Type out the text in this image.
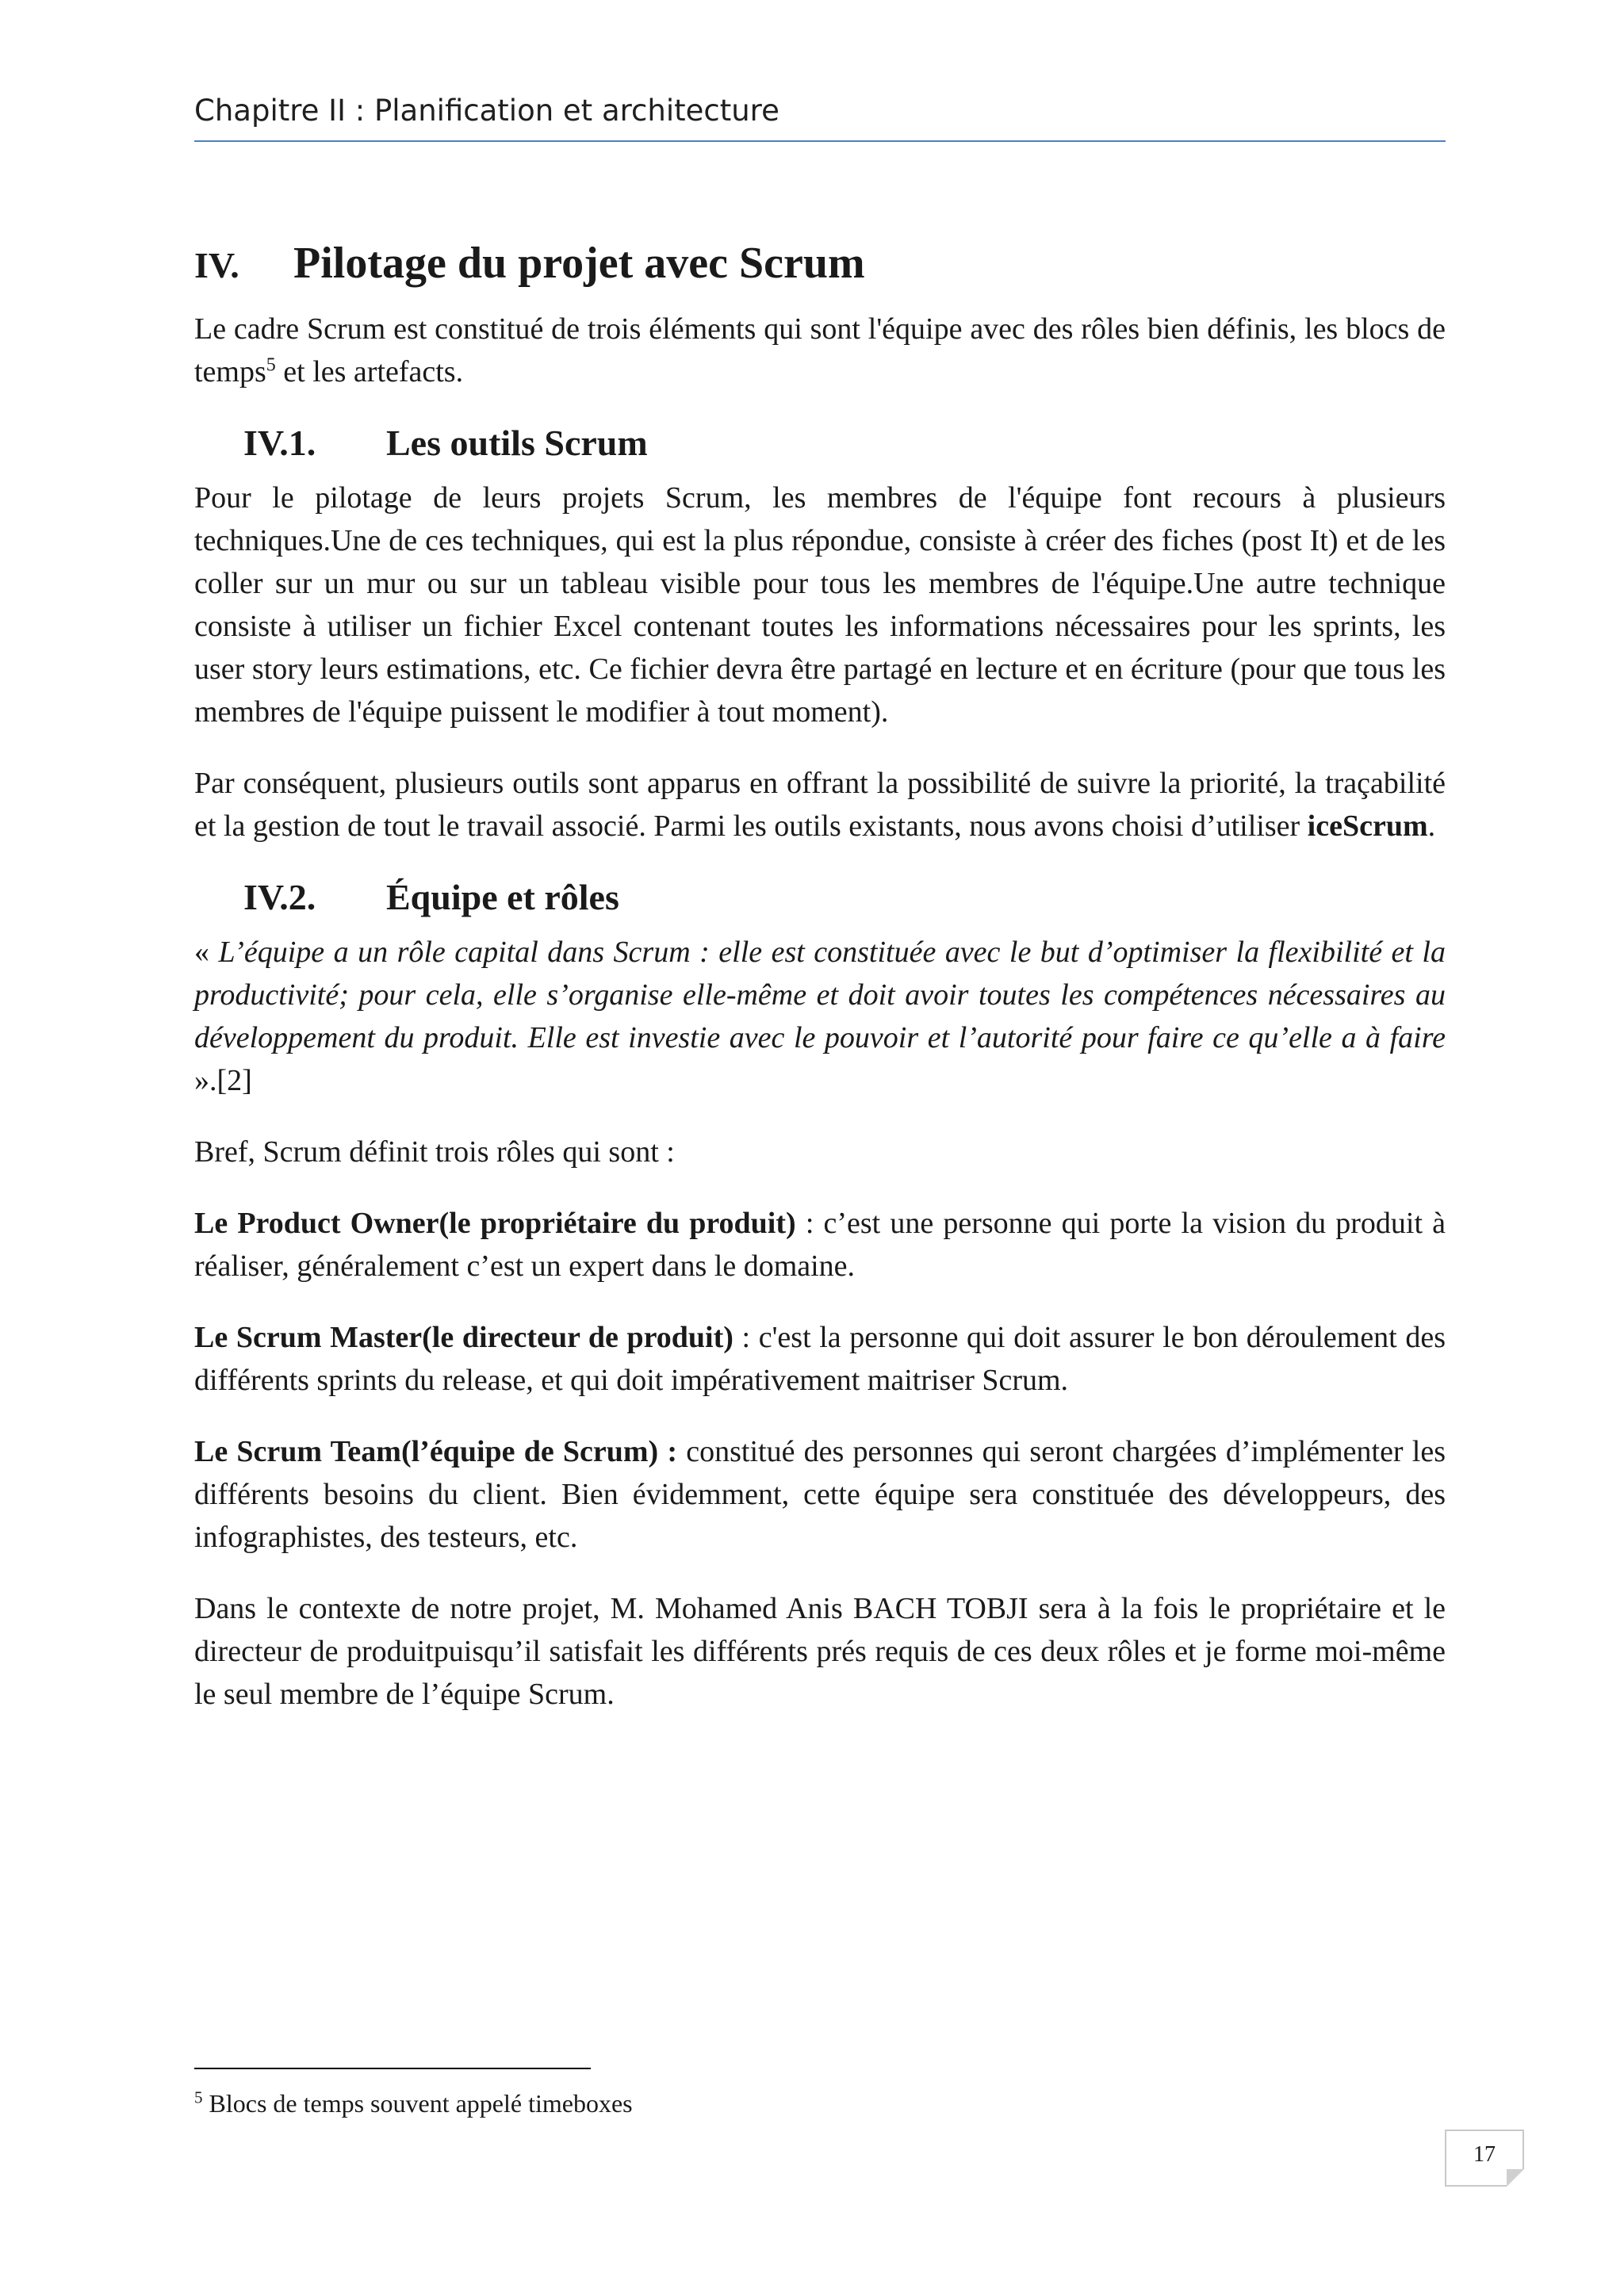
Chapitre II : Planification et architecture
IV.	Pilotage du projet avec Scrum

Le cadre Scrum est constitué de trois éléments qui sont l'équipe avec des rôles bien définis, les blocs de temps$^5$ et les artefacts.

IV.1.	Les outils Scrum

Pour le pilotage de leurs projets Scrum, les membres de l'équipe font recours à plusieurs techniques.Une de ces techniques, qui est la plus répondue, consiste à créer des fiches (post It) et de les coller sur un mur ou sur un tableau visible pour tous les membres de l'équipe.Une autre technique consiste à utiliser un fichier Excel contenant toutes les informations nécessaires pour les sprints, les user story leurs estimations, etc. Ce fichier devra être partagé en lecture et en écriture (pour que tous les membres de l'équipe puissent le modifier à tout moment).

Par conséquent, plusieurs outils sont apparus en offrant la possibilité de suivre la priorité, la traçabilité et la gestion de tout le travail associé. Parmi les outils existants, nous avons choisi d’utiliser iceScrum.

IV.2.	Équipe et rôles

« L’équipe a un rôle capital dans Scrum : elle est constituée avec le but d’optimiser la flexibilité et la productivité; pour cela, elle s’organise elle-même et doit avoir toutes les compétences nécessaires au développement du produit. Elle est investie avec le pouvoir et l’autorité pour faire ce qu’elle a à faire ».[2]

Bref, Scrum définit trois rôles qui sont :

Le Product Owner(le propriétaire du produit) : c’est une personne qui porte la vision du produit à réaliser, généralement c’est un expert dans le domaine.

Le Scrum Master(le directeur de produit) : c'est la personne qui doit assurer le bon déroulement des différents sprints du release, et qui doit impérativement maitriser Scrum.

Le Scrum Team(l’équipe de Scrum) : constitué des personnes qui seront chargées d’implémenter les différents besoins du client. Bien évidemment, cette équipe sera constituée des développeurs, des infographistes, des testeurs, etc.

Dans le contexte de notre projet, M. Mohamed Anis BACH TOBJI sera à la fois le propriétaire et le directeur de produitpuisqu’il satisfait les différents prés requis de ces deux rôles et je forme moi-même le seul membre de l’équipe Scrum.

$^5$ Blocs de temps souvent appelé timeboxes

17
